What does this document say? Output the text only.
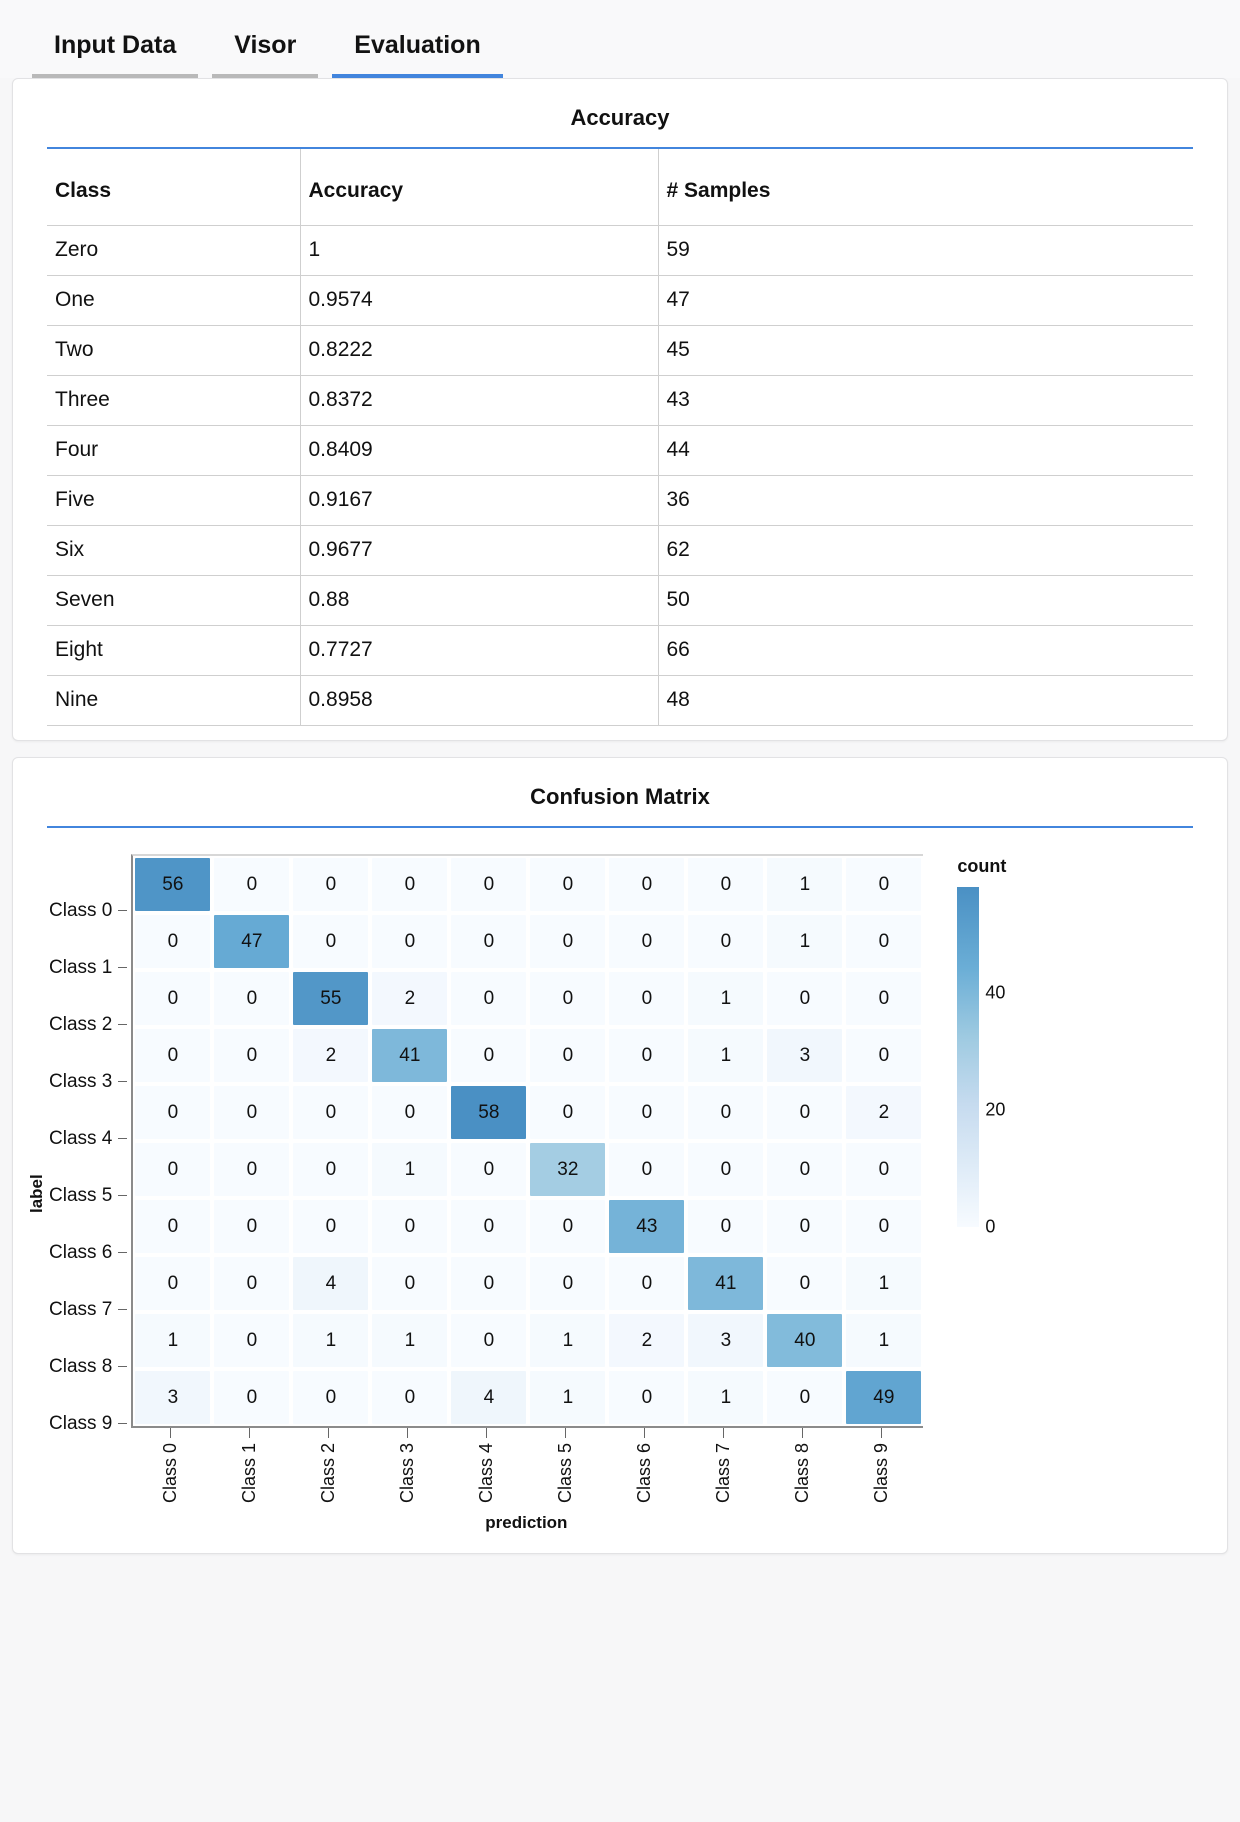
Input Data	Visor	Evaluation
Accuracy
Class	Accuracy	# Samples
Zero	1	59
One	0.9574	47
Two	0.8222	45
Three	0.8372	43
Four	0.8409	44
Five	0.9167	36
Six	0.9677	62
Seven	0.88	50
Eight	0.7727	66
Nine	0.8958	48
Confusion Matrix
label
Class 0
Class 1
Class 2
Class 3
Class 4
Class 5
Class 6
Class 7
Class 8
Class 9
56	0	0	0	0	0	0	0	1	0
0	47	0	0	0	0	0	0	1	0
0	0	55	2	0	0	0	1	0	0
0	0	2	41	0	0	0	1	3	0
0	0	0	0	58	0	0	0	0	2
0	0	0	1	0	32	0	0	0	0
0	0	0	0	0	0	43	0	0	0
0	0	4	0	0	0	0	41	0	1
1	0	1	1	0	1	2	3	40	1
3	0	0	0	4	1	0	1	0	49
Class 0	Class 1	Class 2	Class 3	Class 4	Class 5	Class 6	Class 7	Class 8	Class 9
prediction
count
0
20
40
